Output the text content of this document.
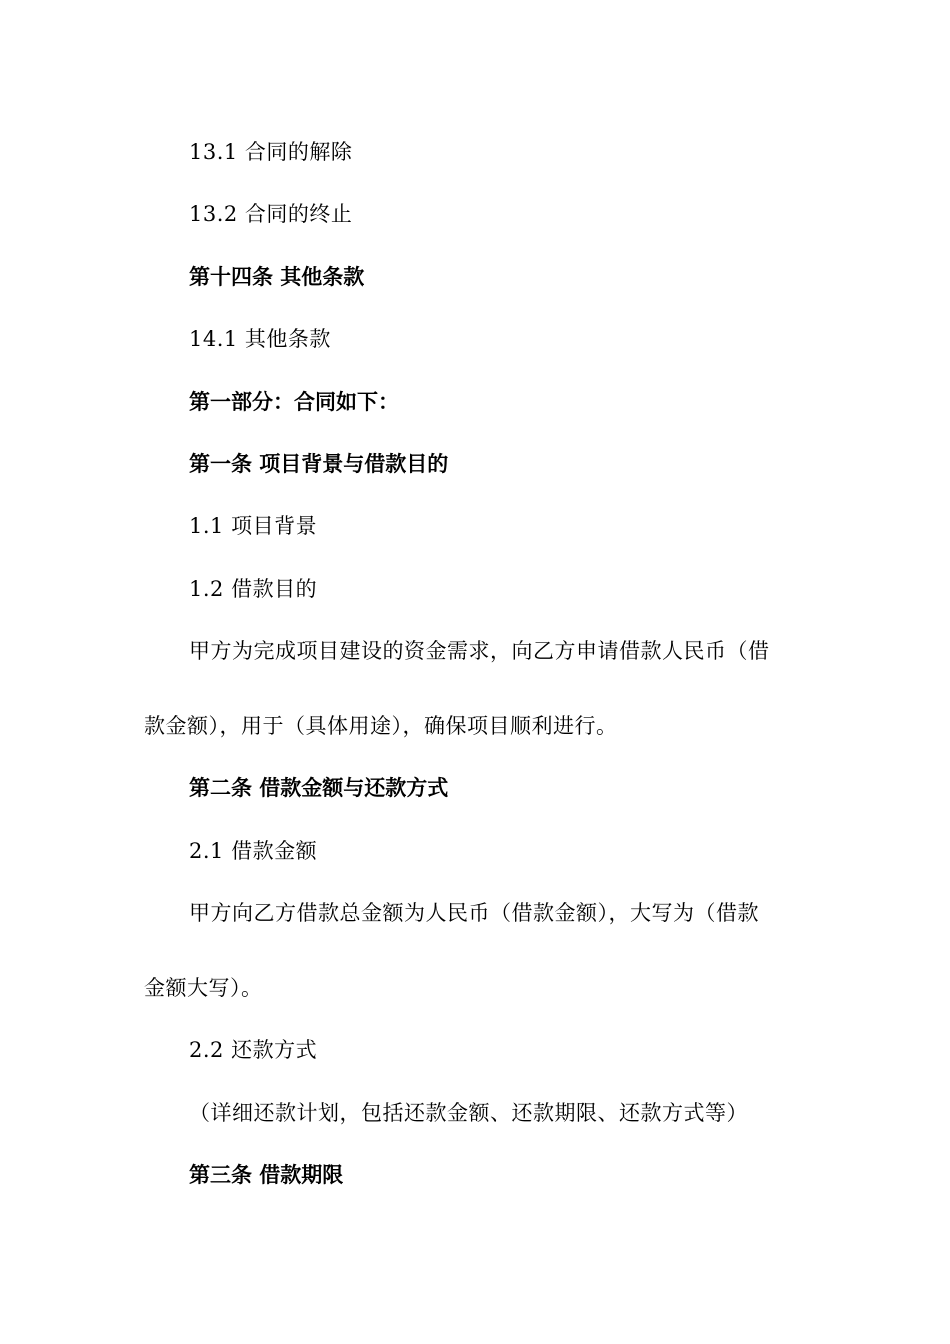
13.1 合同的解除
13.2 合同的终止
第十四条 其他条款
14.1 其他条款
第一部分：合同如下：
第一条 项目背景与借款目的
1.1 项目背景
1.2 借款目的
甲方为完成项目建设的资金需求，向乙方申请借款人民币（借
款金额），用于（具体用途），确保项目顺利进行。
第二条 借款金额与还款方式
2.1 借款金额
甲方向乙方借款总金额为人民币（借款金额），大写为（借款
金额大写）。
2.2 还款方式
（详细还款计划，包括还款金额、还款期限、还款方式等）
第三条 借款期限
